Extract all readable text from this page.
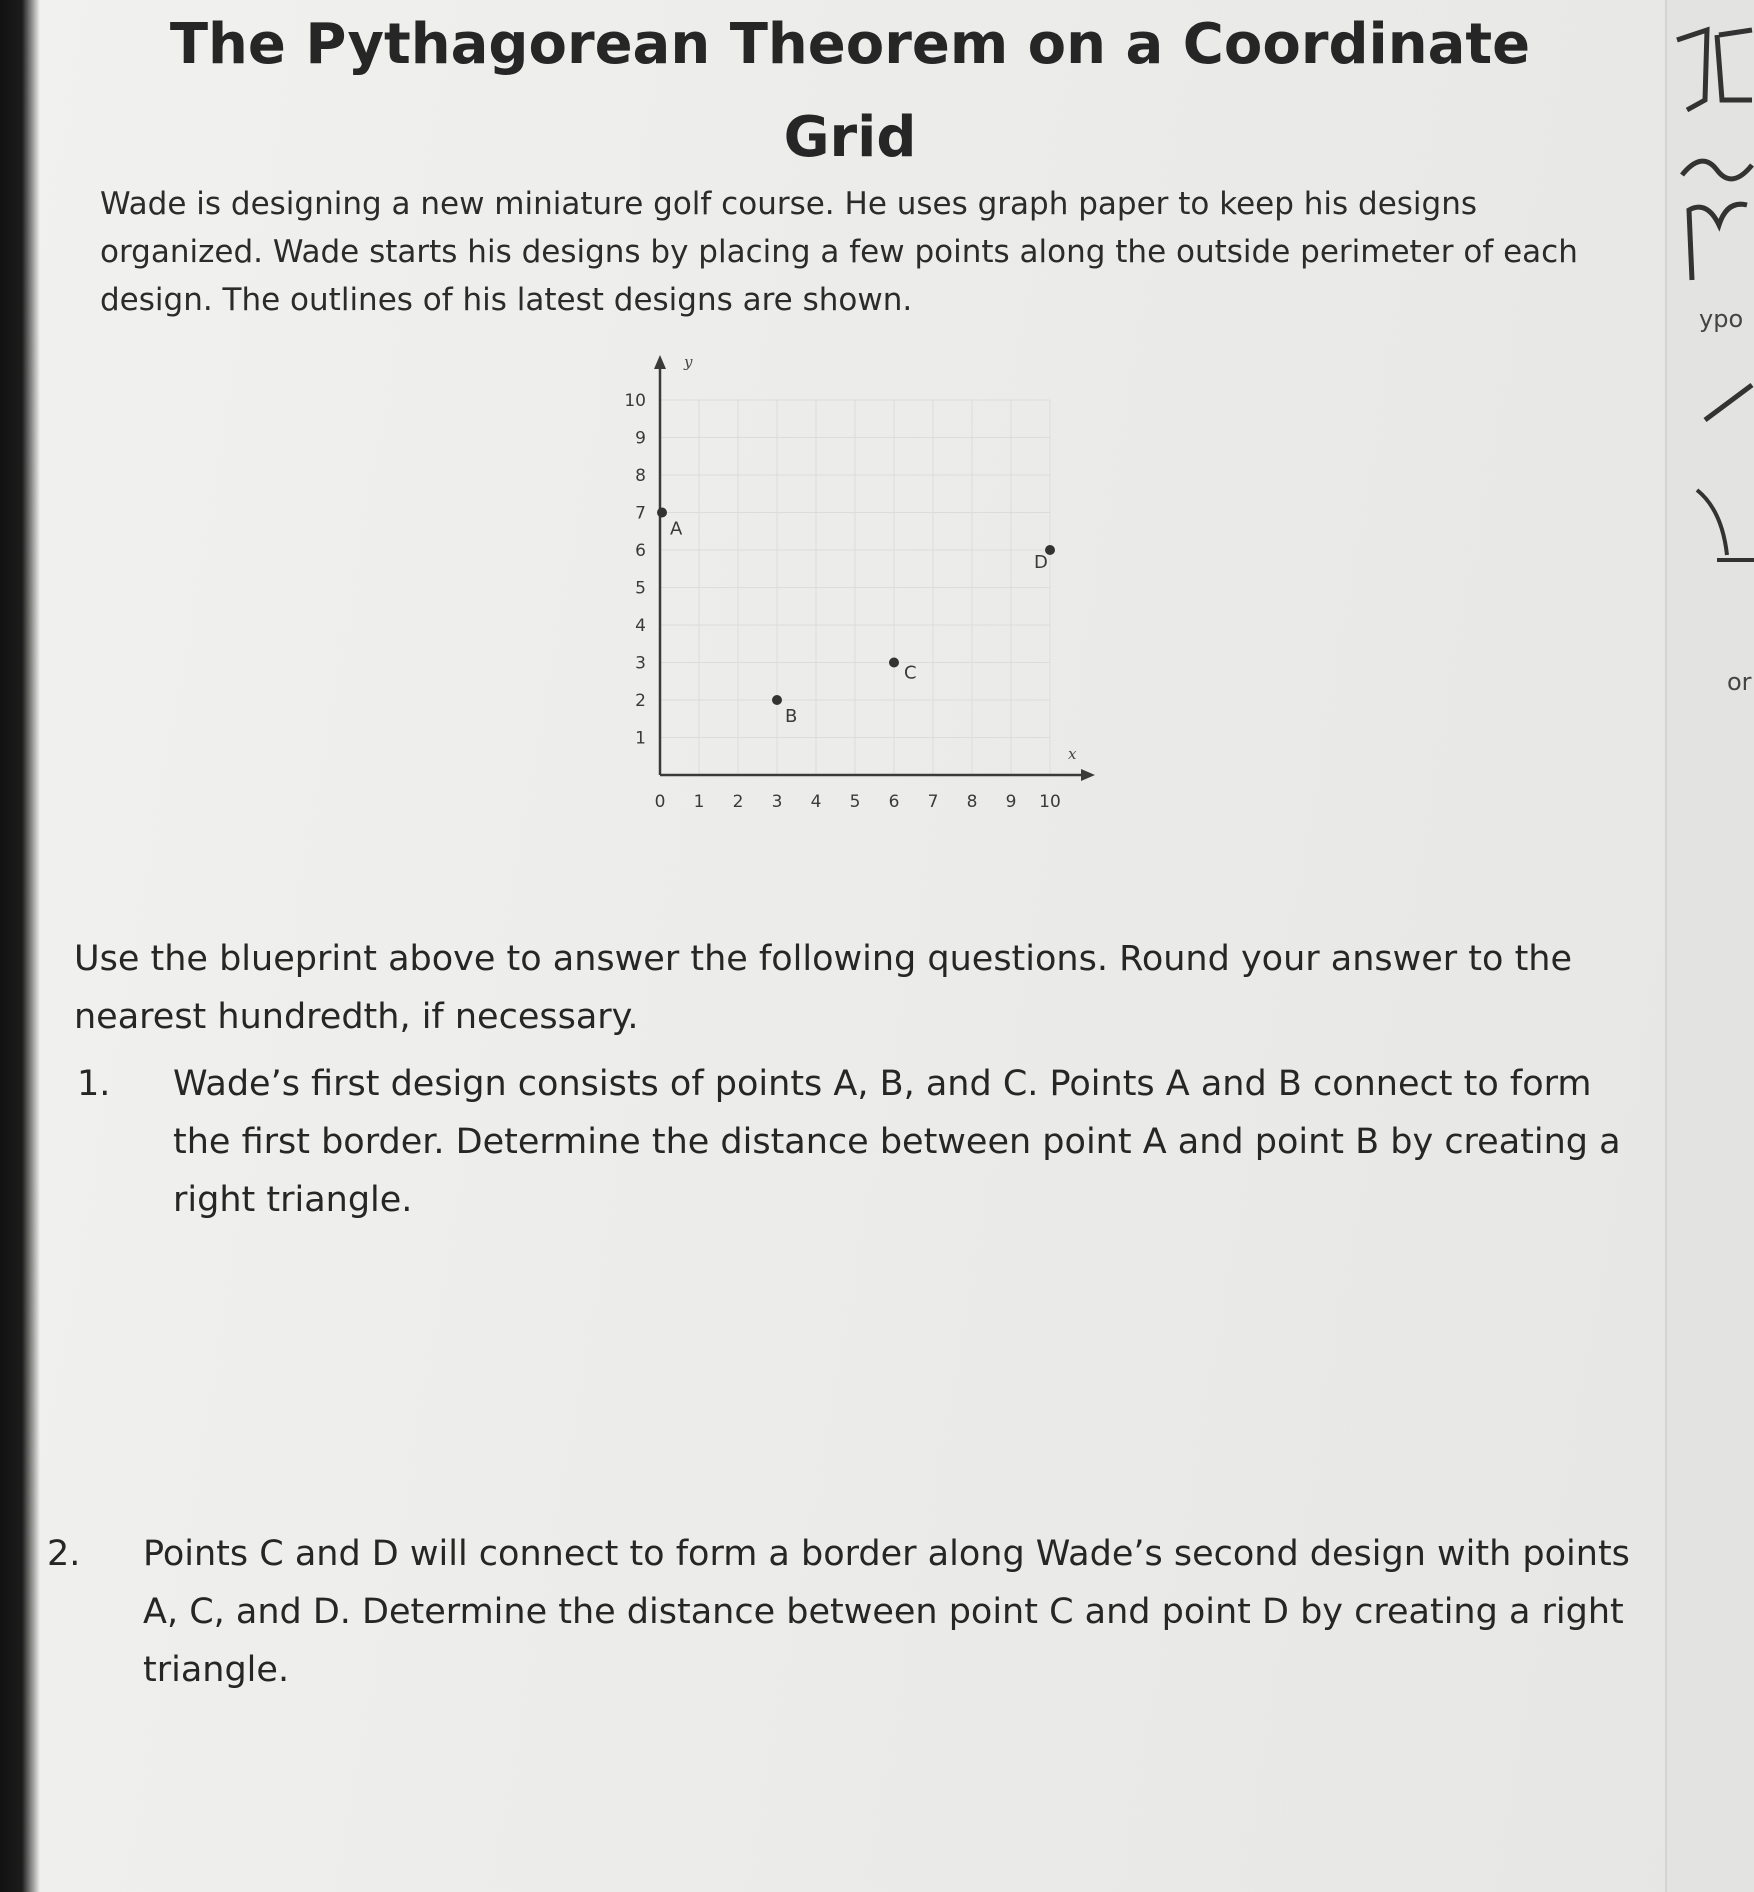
The Pythagorean Theorem on a Coordinate
Grid

Wade is designing a new miniature golf course. He uses graph paper to keep his designs organized. Wade starts his designs by placing a few points along the outside perimeter of each design. The outlines of his latest designs are shown.

y
x
0 1 2 3 4 5 6 7 8 9 10
1
2
3
4
5
6
7
8
9
10
A
B
C
D

Use the blueprint above to answer the following questions. Round your answer to the nearest hundredth, if necessary.

1. Wade’s first design consists of points A, B, and C. Points A and B connect to form the first border. Determine the distance between point A and point B by creating a right triangle.
2. Points C and D will connect to form a border along Wade’s second design with points A, C, and D. Determine the distance between point C and point D by creating a right triangle.
ypo
or
